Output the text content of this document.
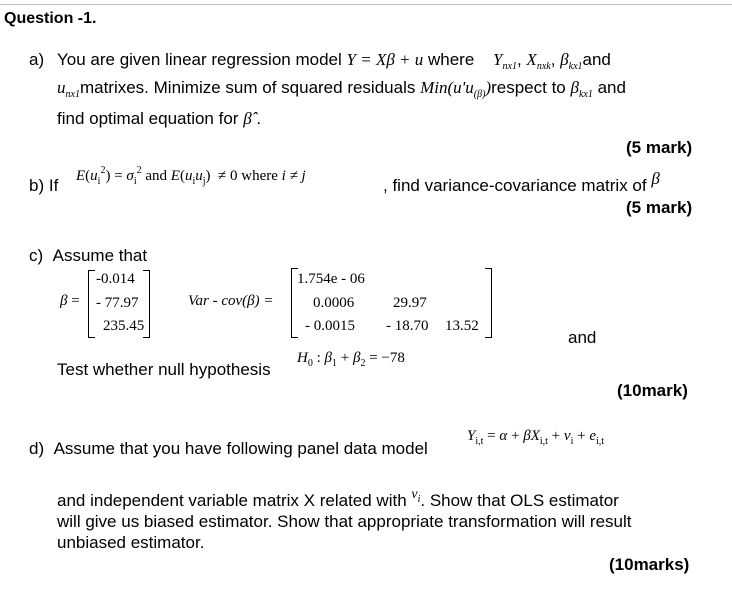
Question -1.
a) You are given linear regression model Y = Xβ + u where $Y_{nx1}$, $X_{nxk}$, $\beta_{kx1}and$
$u_{nx1}matrixes$. Minimize sum of squared residuals $Min(u'u_{(\beta)})respect$ to $\beta_{kx1}$ and
find optimal equation for β̂ .
(5 mark)
b) If $E(u_i^2) = \sigma_i^2$ and $E(u_iu_j) \ne 0$ where i ≠ j	, find variance-covariance matrix of β
(5 mark)
c) Assume that
β =
-0.014
- 77.97
235.45
Var - cov(β) =
1.754e - 06
0.0006	29.97
- 0.0015 - 18.70 13.52
and
Test whether null hypothesis
$H_0$ : $\beta_1 + \beta_2 = -78$
(10mark)
d) Assume that you have following panel data model
$Y_{i,t} = \alpha + \beta X_{i,t} + v_i + e_{i,t}$
and independent variable matrix X related with $^{v_i}$. Show that OLS estimator
will give us biased estimator. Show that appropriate transformation will result
unbiased estimator.
(10marks)
